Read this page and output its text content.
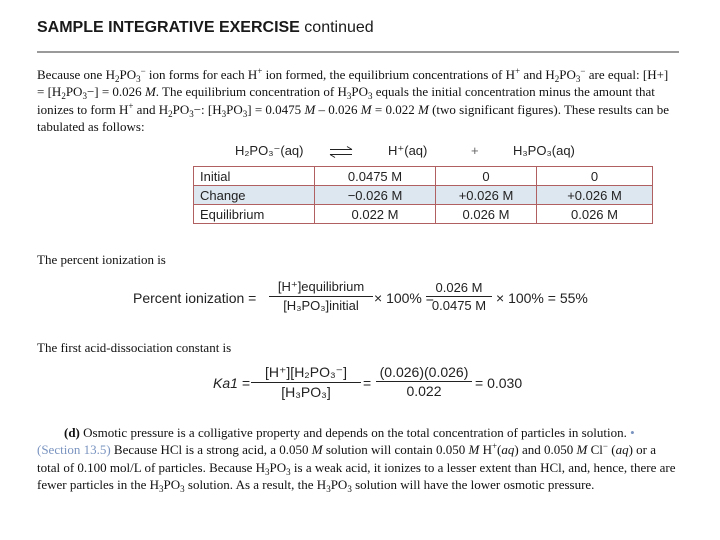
SAMPLE INTEGRATIVE EXERCISE continued
Because one $H_2PO_3^-$ ion forms for each H+ ion formed, the equilibrium concentrations of H+ and $H_2PO_3^-$ are equal: $[H+] = [H_2PO_3-] = 0.026$ M. The equilibrium concentration of $H_3PO_3$ equals the initial concentration minus the amount that ionizes to form H+ and $H_2PO_3-$: $[H_3PO_3] = 0.0475$ M – 0.026 M = 0.022 M (two significant figures). These results can be tabulated as follows:
H₂PO₃⁻(aq)	H⁺(aq)	+	H₃PO₃(aq)
Initial	0.0475 M	0	0
Change	−0.026 M	+0.026 M	+0.026 M
Equilibrium	0.022 M	0.026 M	0.026 M
The percent ionization is
Percent ionization =
[H⁺]equilibrium
[H₃PO₃]initial	× 100% =
$\frac{0.026 M}{0.0475 M} \times 100\% = 55\%$
The first acid-dissociation constant is
$Ka1 = \frac{\text{[H⁺][H₂PO₃⁻]}}{\text{[H₃PO₃]}} = \frac{(0.026)(0.026)}{0.022} = 0.030$
(d) Osmotic pressure is a colligative property and depends on the total concentration of particles in solution. • (Section 13.5) Because HCl is a strong acid, a 0.050 M solution will contain 0.050 M H+(aq) and 0.050 M Cl− (aq) or a total of 0.100 mol/L of particles. Because $H_3PO_3$ is a weak acid, it ionizes to a lesser extent than HCl, and, hence, there are fewer particles in the $H_3PO_3$ solution. As a result, the $H_3PO_3$ solution will have the lower osmotic pressure.
